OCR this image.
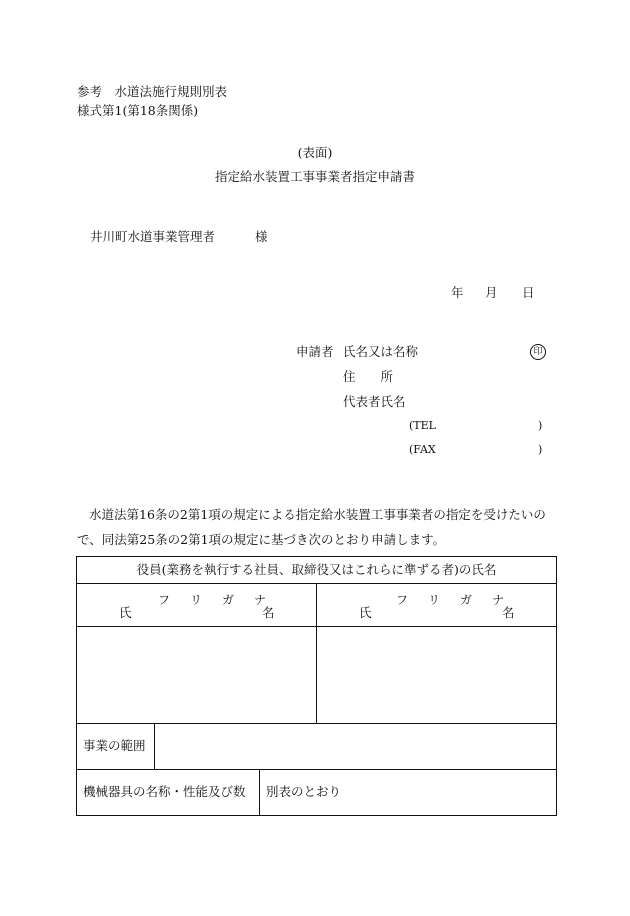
参考　水道法施行規則別表
様式第1(第18条関係)
(表面)
指定給水装置工事事業者指定申請書
井川町水道事業管理者	様
年 月 日
申請者 氏名又は名称	印
住　　所
代表者氏名
(TEL	)
(FAX	)
水道法第16条の2第1項の規定による指定給水装置工事事業者の指定を受けたいので、同法第25条の2第1項の規定に基づき次のとおり申請します。
役員(業務を執行する社員、取締役又はこれらに準ずる者)の氏名
フ リ ガ ナ
氏	名
フ リ ガ ナ
氏	名
事業の範囲
機械器具の名称・性能及び数 別表のとおり
